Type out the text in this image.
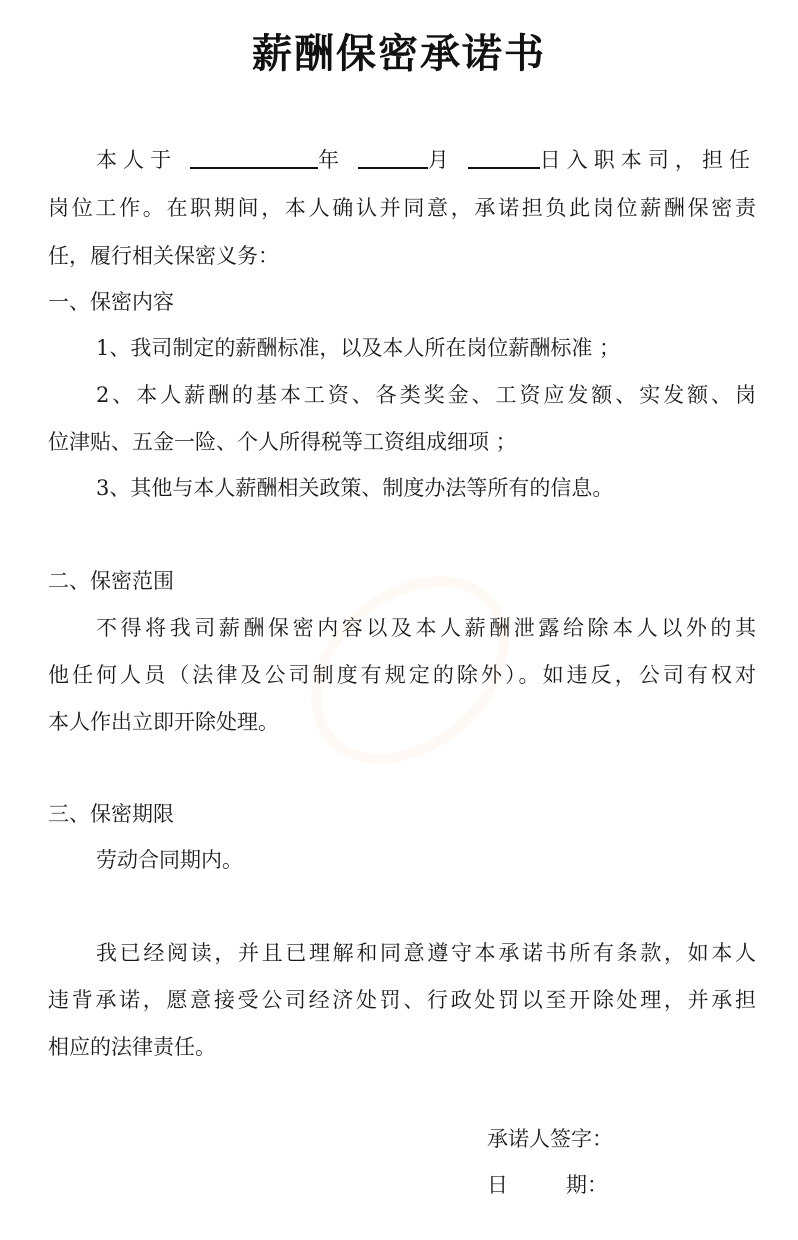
薪酬保密承诺书
本人于	年	月	日入职本司，担任
岗位工作。在职期间，本人确认并同意，承诺担负此岗位薪酬保密责
任，履行相关保密义务：
一、保密内容
1、我司制定的薪酬标准，以及本人所在岗位薪酬标准 ；
2、本人薪酬的基本工资、各类奖金、工资应发额、实发额、岗
位津贴、五金一险、个人所得税等工资组成细项 ；
3、其他与本人薪酬相关政策、制度办法等所有的信息。
二、保密范围
不得将我司薪酬保密内容以及本人薪酬泄露给除本人以外的其
他任何人员（法律及公司制度有规定的除外）。如违反，公司有权对
本人作出立即开除处理。
三、保密期限
劳动合同期内。
我已经阅读，并且已理解和同意遵守本承诺书所有条款，如本人
违背承诺，愿意接受公司经济处罚、行政处罚以至开除处理，并承担
相应的法律责任。
承诺人签字：
日	期：
